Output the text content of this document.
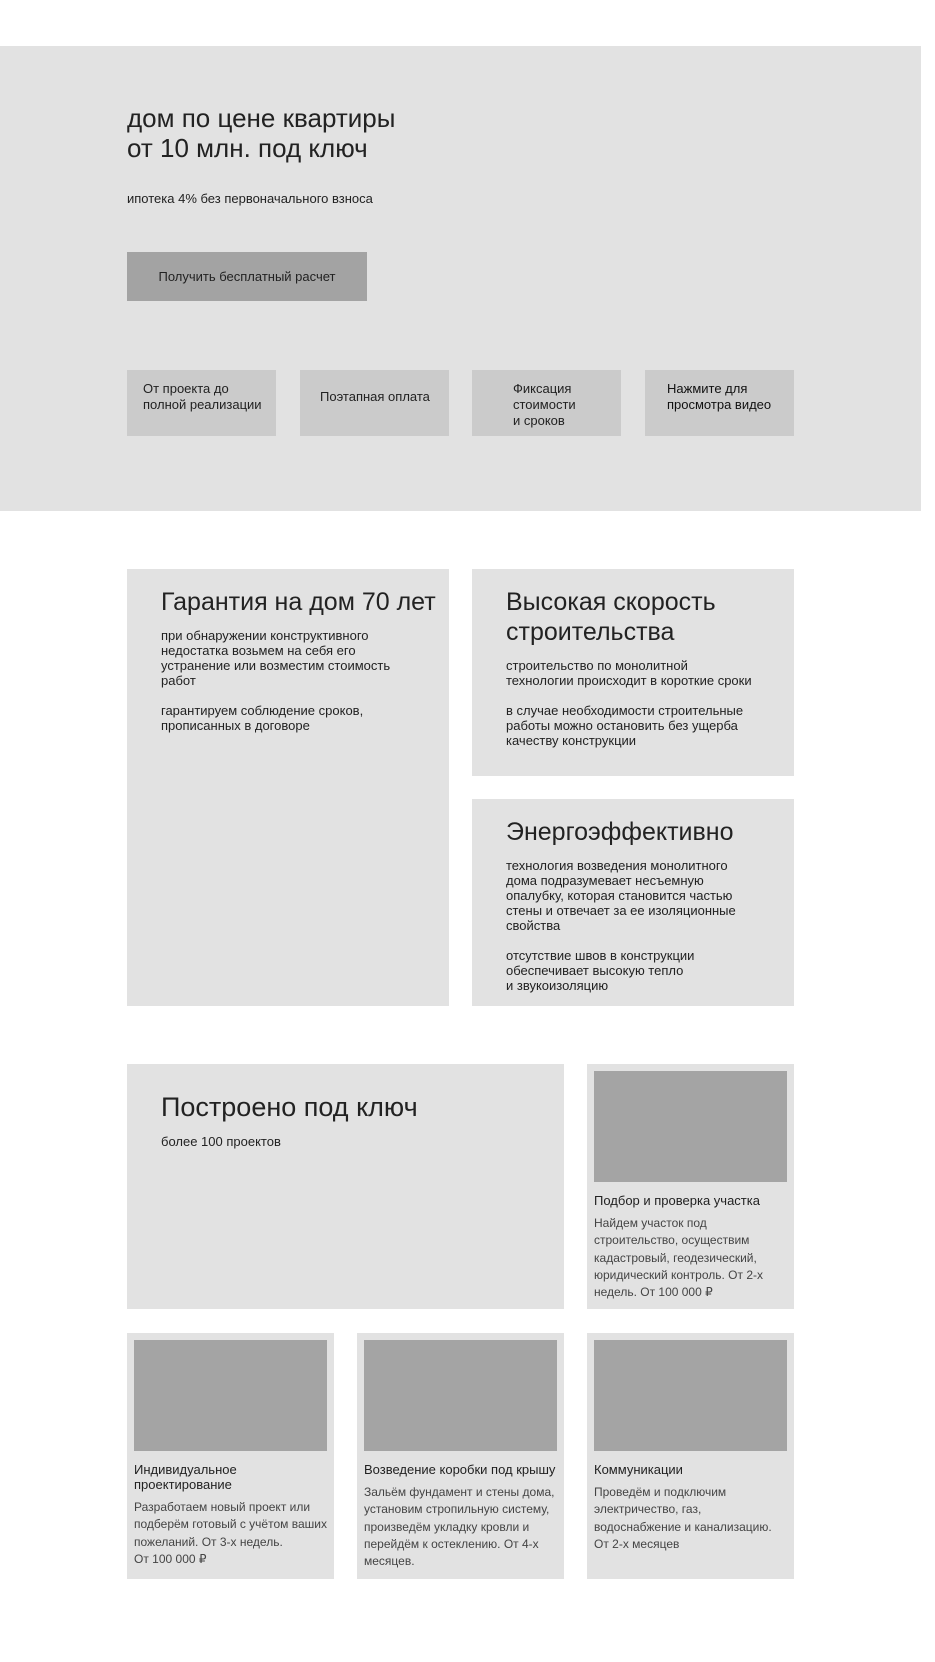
дом по цене квартиры
от 10 млн. под ключ

ипотека 4% без первоначального взноса

Получить бесплатный расчет

От проекта до
полной реализации

Поэтапная оплата

Фиксация
стоимости
и сроков

Нажмите для
просмотра видео

Гарантия на дом 70 лет

при обнаружении конструктивного
недостатка возьмем на себя его
устранение или возместим стоимость
работ

гарантируем соблюдение сроков,
прописанных в договоре

Высокая скорость
строительства

строительство по монолитной
технологии происходит в короткие сроки

в случае необходимости строительные
работы можно остановить без ущерба
качеству конструкции

Энергоэффективно

технология возведения монолитного
дома подразумевает несъемную
опалубку, которая становится частью
стены и отвечает за ее изоляционные
свойства

отсутствие швов в конструкции
обеспечивает высокую тепло
и звукоизоляцию

Построено под ключ

более 100 проектов

Подбор и проверка участка

Найдем участок под
строительство, осуществим
кадастровый, геодезический,
юридический контроль. От 2-х
недель. От 100 000 ₽

Индивидуальное
проектирование

Разработаем новый проект или
подберём готовый с учётом ваших
пожеланий. От 3-х недель.
От 100 000 ₽

Возведение коробки под крышу

Зальём фундамент и стены дома,
установим стропильную систему,
произведём укладку кровли и
перейдём к остеклению. От 4-х
месяцев.

Коммуникации

Проведём и подключим
электричество, газ,
водоснабжение и канализацию.
От 2-х месяцев
